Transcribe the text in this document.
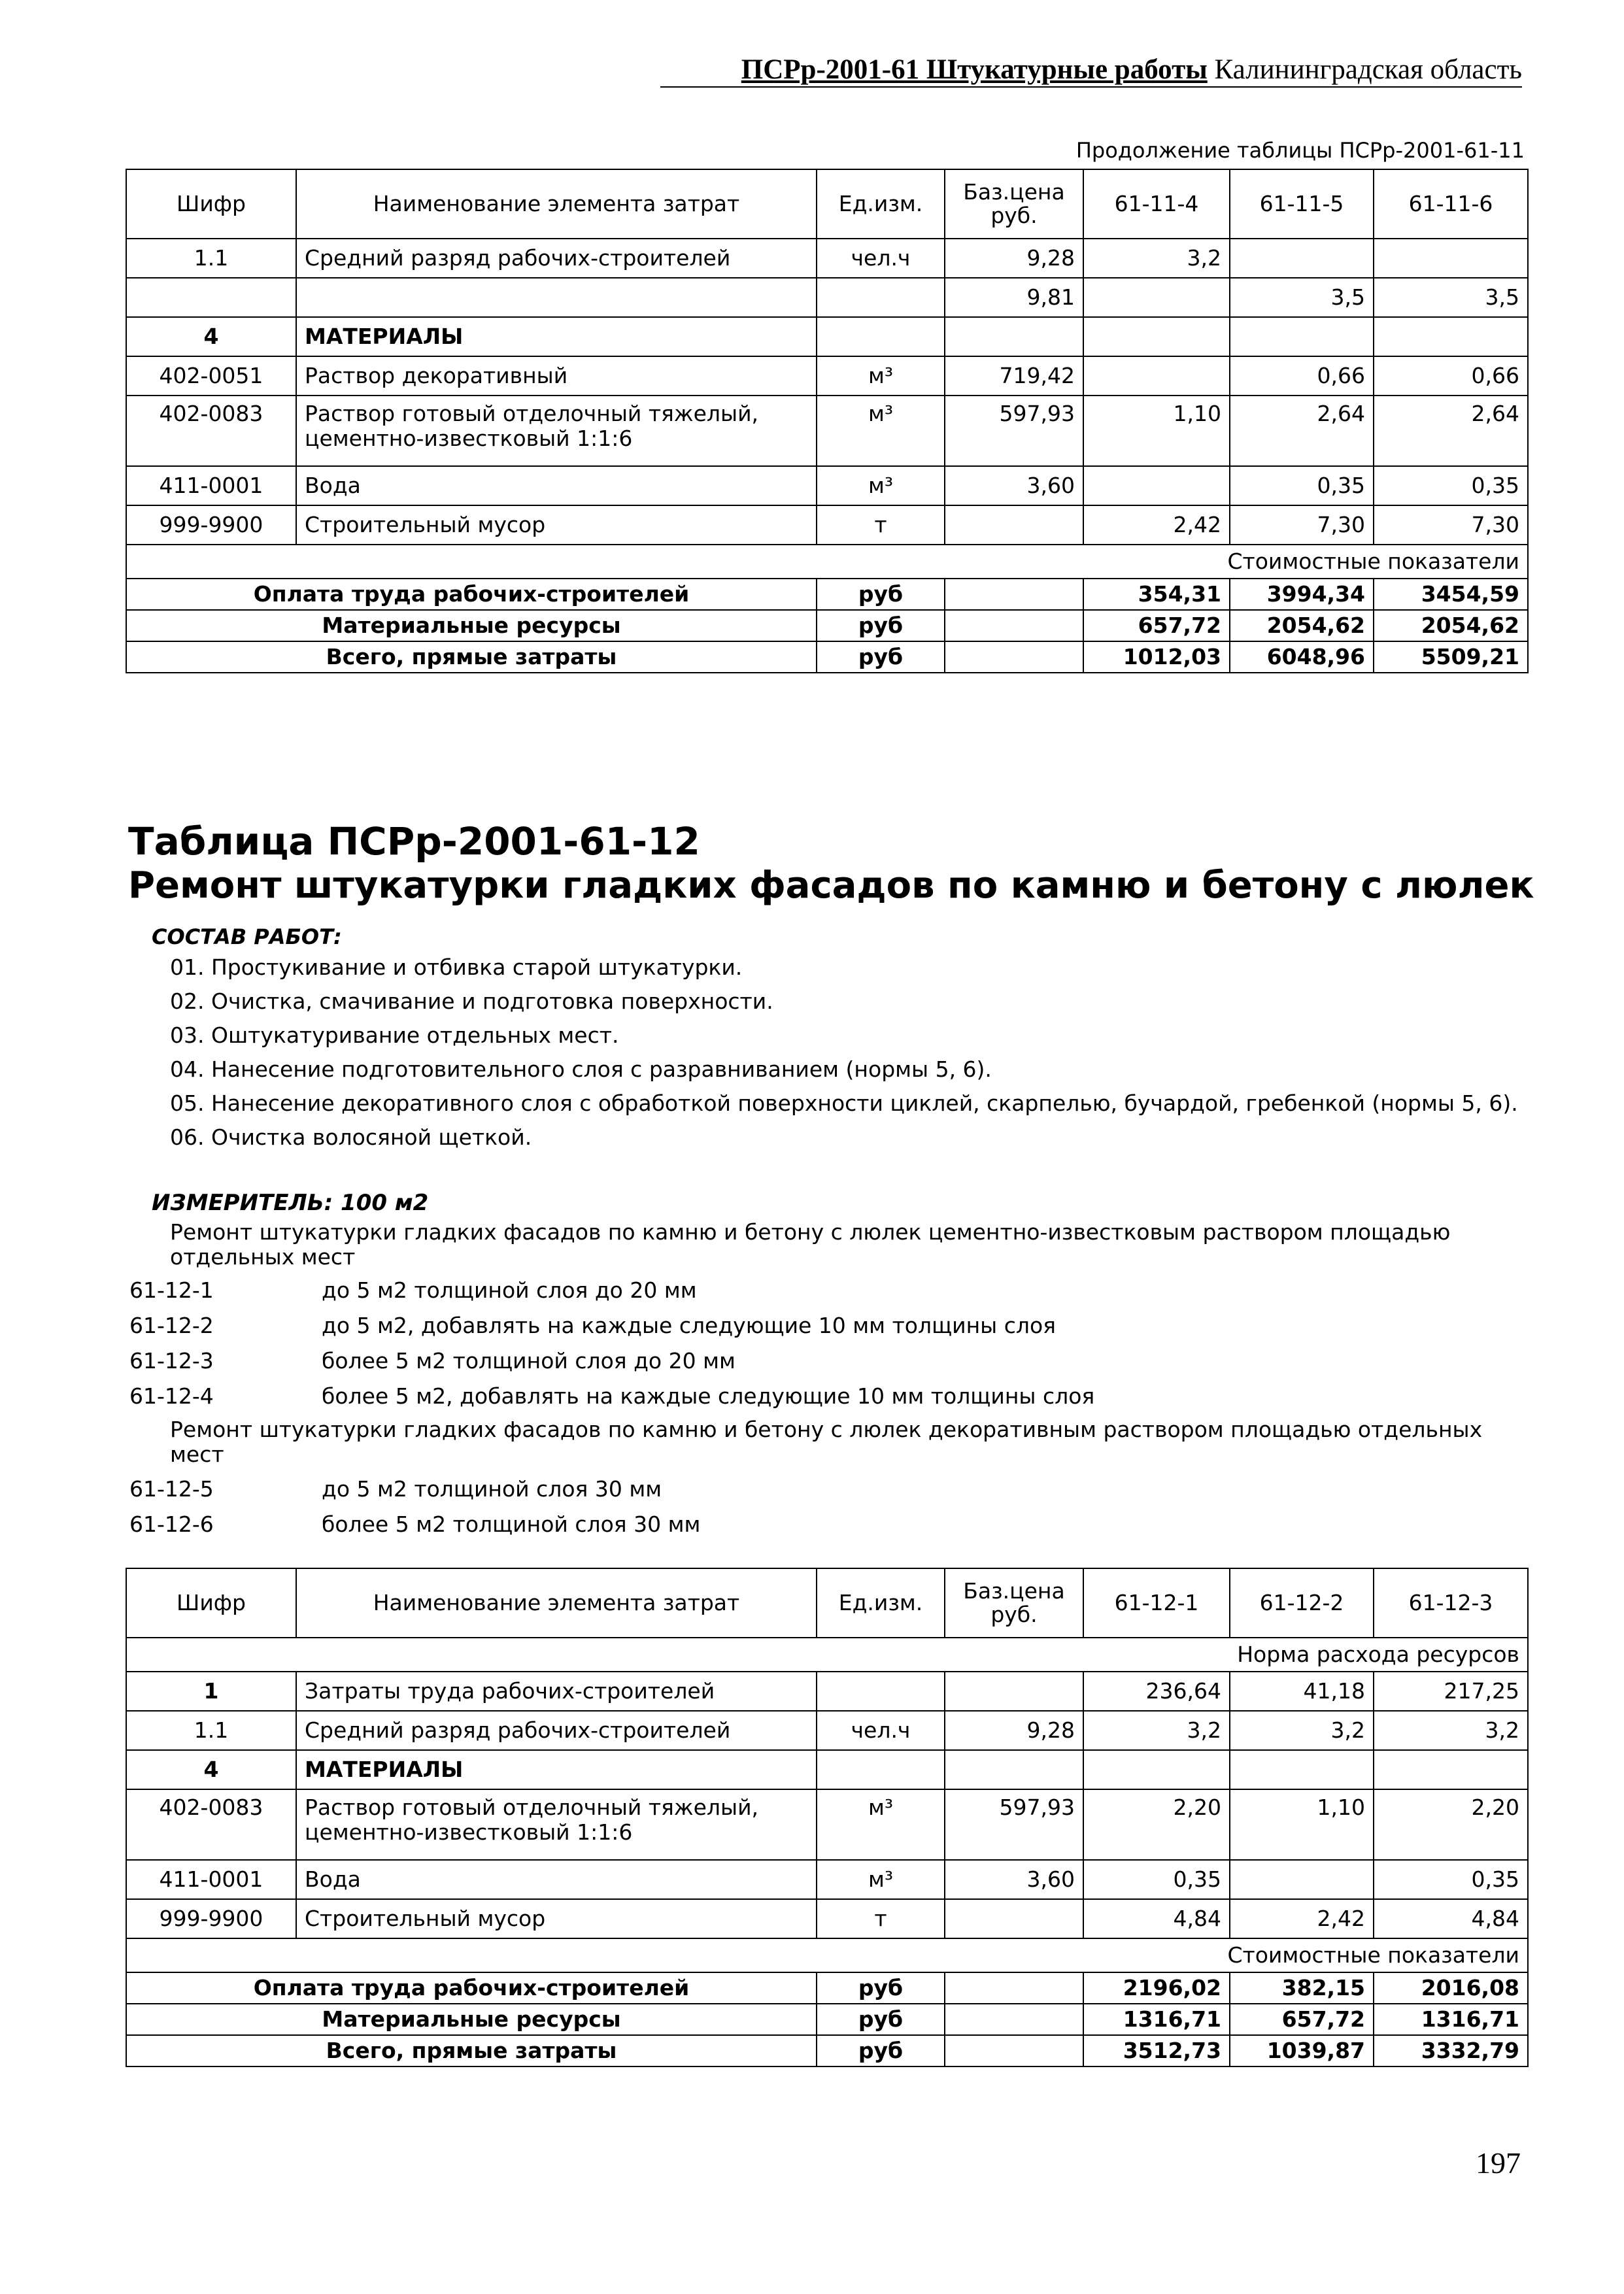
ПСРр-2001-61 Штукатурные работы Калининградская область
Продолжение таблицы ПСРр-2001-61-11
Шифр	Наименование элемента затрат	Ед.изм.	Баз.цена руб.	61-11-4	61-11-5	61-11-6
1.1	Средний разряд рабочих-строителей	чел.ч	9,28	3,2		
			9,81		3,5	3,5
4	МАТЕРИАЛЫ					
402-0051	Раствор декоративный	м³	719,42		0,66	0,66
402-0083	Раствор готовый отделочный тяжелый, цементно-известковый 1:1:6	м³	597,93	1,10	2,64	2,64
411-0001	Вода	м³	3,60		0,35	0,35
999-9900	Строительный мусор	т		2,42	7,30	7,30
Стоимостные показатели						
Оплата труда рабочих-строителей		руб		354,31	3994,34	3454,59
Материальные ресурсы		руб		657,72	2054,62	2054,62
Всего, прямые затраты		руб		1012,03	6048,96	5509,21
Таблица ПСРр-2001-61-12
Ремонт штукатурки гладких фасадов по камню и бетону с люлек
СОСТАВ РАБОТ:
01. Простукивание и отбивка старой штукатурки.
02. Очистка, смачивание и подготовка поверхности.
03. Оштукатуривание отдельных мест.
04. Нанесение подготовительного слоя с разравниванием (нормы 5, 6).
05. Нанесение декоративного слоя с обработкой поверхности циклей, скарпелью, бучардой, гребенкой (нормы 5, 6).
06. Очистка волосяной щеткой.
ИЗМЕРИТЕЛЬ: 100 м2
Ремонт штукатурки гладких фасадов по камню и бетону с люлек цементно-известковым раствором площадью отдельных мест
61-12-1	до 5 м2 толщиной слоя до 20 мм
61-12-2	до 5 м2, добавлять на каждые следующие 10 мм толщины слоя
61-12-3	более 5 м2 толщиной слоя до 20 мм
61-12-4	более 5 м2, добавлять на каждые следующие 10 мм толщины слоя
Ремонт штукатурки гладких фасадов по камню и бетону с люлек декоративным раствором площадью отдельных мест
61-12-5	до 5 м2 толщиной слоя 30 мм
61-12-6	более 5 м2 толщиной слоя 30 мм
Шифр	Наименование элемента затрат	Ед.изм.	Баз.цена руб.	61-12-1	61-12-2	61-12-3
Норма расхода ресурсов						
1	Затраты труда рабочих-строителей			236,64	41,18	217,25
1.1	Средний разряд рабочих-строителей	чел.ч	9,28	3,2	3,2	3,2
4	МАТЕРИАЛЫ					
402-0083	Раствор готовый отделочный тяжелый, цементно-известковый 1:1:6	м³	597,93	2,20	1,10	2,20
411-0001	Вода	м³	3,60	0,35		0,35
999-9900	Строительный мусор	т		4,84	2,42	4,84
Стоимостные показатели						
Оплата труда рабочих-строителей		руб		2196,02	382,15	2016,08
Материальные ресурсы		руб		1316,71	657,72	1316,71
Всего, прямые затраты		руб		3512,73	1039,87	3332,79
197
